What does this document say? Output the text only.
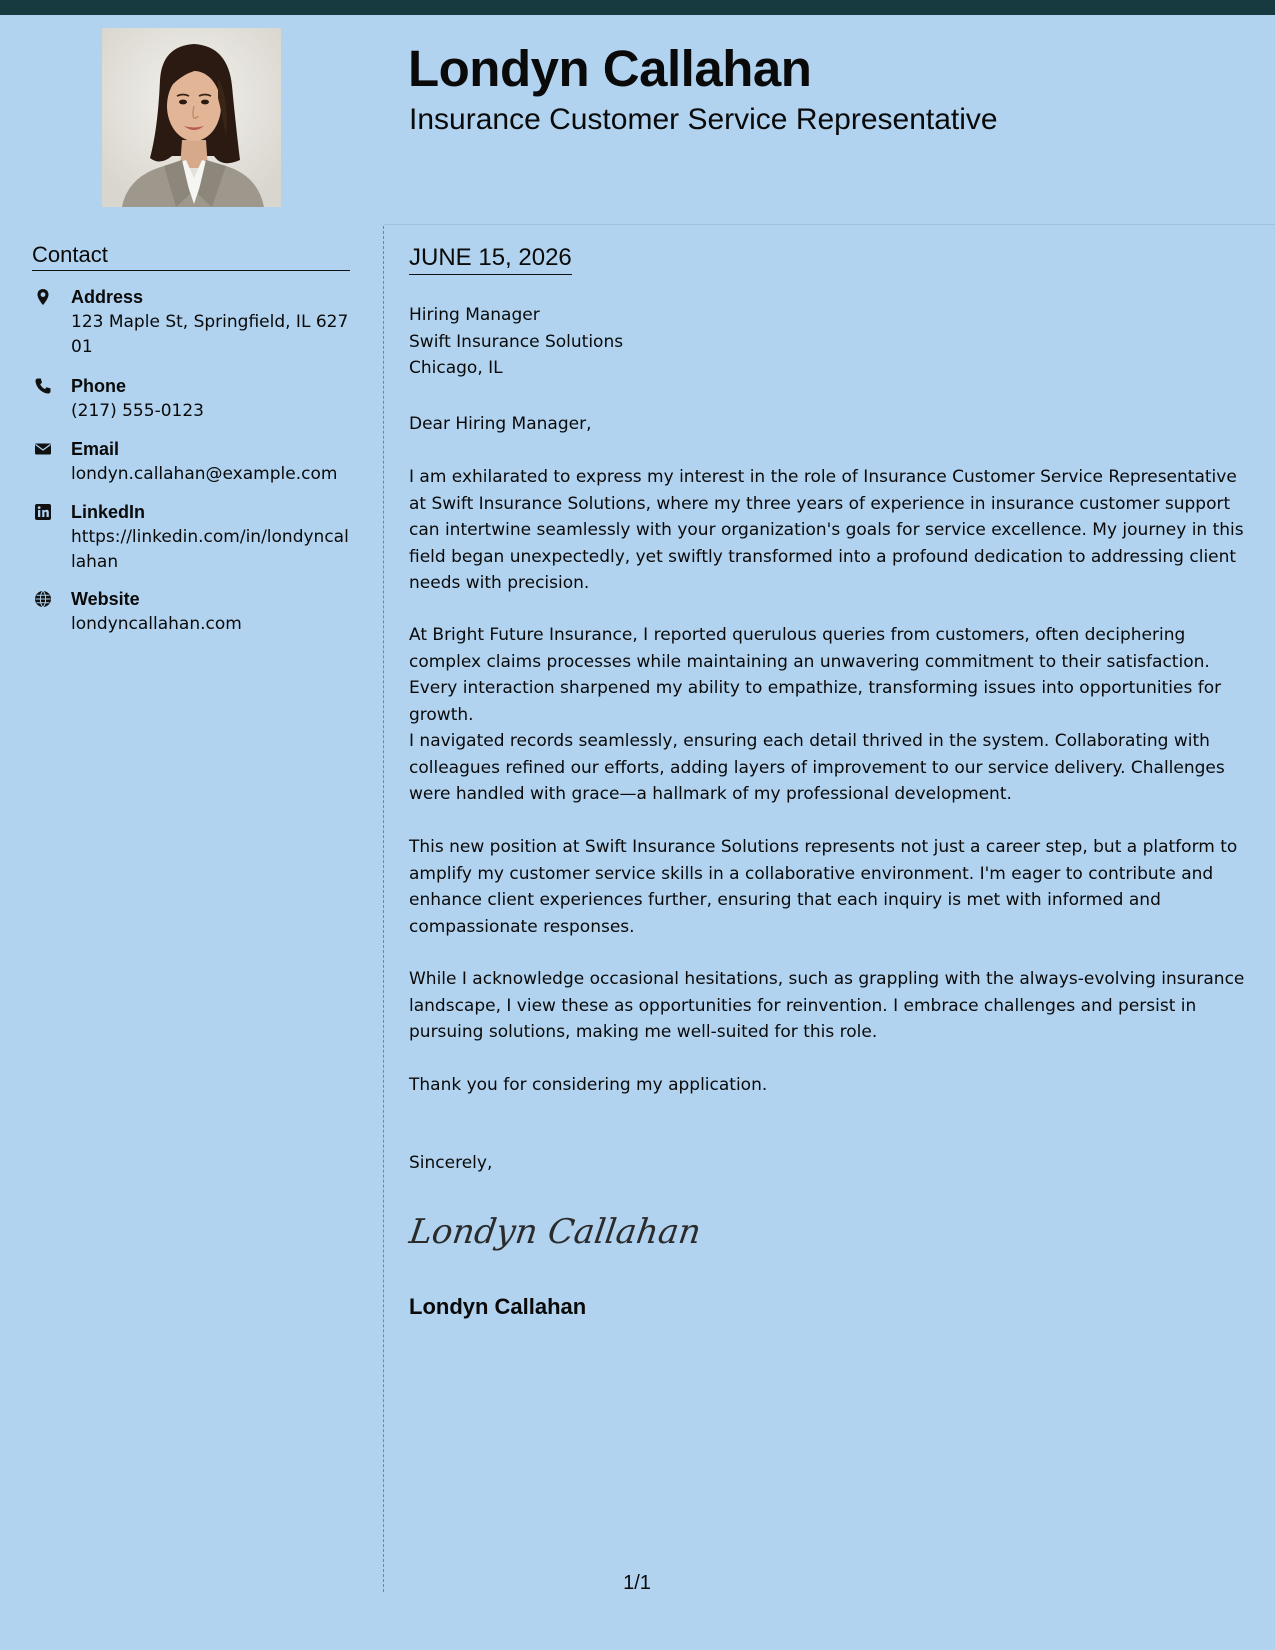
Londyn Callahan
Insurance Customer Service Representative
Contact
Address
123 Maple St, Springfield, IL 62701
Phone
(217) 555-0123
Email
londyn.callahan@example.com
LinkedIn
https://linkedin.com/in/londyncallahan
Website
londyncallahan.com
JUNE 15, 2026
Hiring Manager
Swift Insurance Solutions
Chicago, IL

Dear Hiring Manager,

I am exhilarated to express my interest in the role of Insurance Customer Service Representative at Swift Insurance Solutions, where my three years of experience in insurance customer support can intertwine seamlessly with your organization's goals for service excellence. My journey in this field began unexpectedly, yet swiftly transformed into a profound dedication to addressing client needs with precision.

At Bright Future Insurance, I reported querulous queries from customers, often deciphering complex claims processes while maintaining an unwavering commitment to their satisfaction. Every interaction sharpened my ability to empathize, transforming issues into opportunities for growth.

I navigated records seamlessly, ensuring each detail thrived in the system. Collaborating with colleagues refined our efforts, adding layers of improvement to our service delivery. Challenges were handled with grace—a hallmark of my professional development.

This new position at Swift Insurance Solutions represents not just a career step, but a platform to amplify my customer service skills in a collaborative environment. I'm eager to contribute and enhance client experiences further, ensuring that each inquiry is met with informed and compassionate responses.

While I acknowledge occasional hesitations, such as grappling with the always-evolving insurance landscape, I view these as opportunities for reinvention. I embrace challenges and persist in pursuing solutions, making me well-suited for this role.

Thank you for considering my application.

Sincerely,

Londyn Callahan
Londyn Callahan
1/1
